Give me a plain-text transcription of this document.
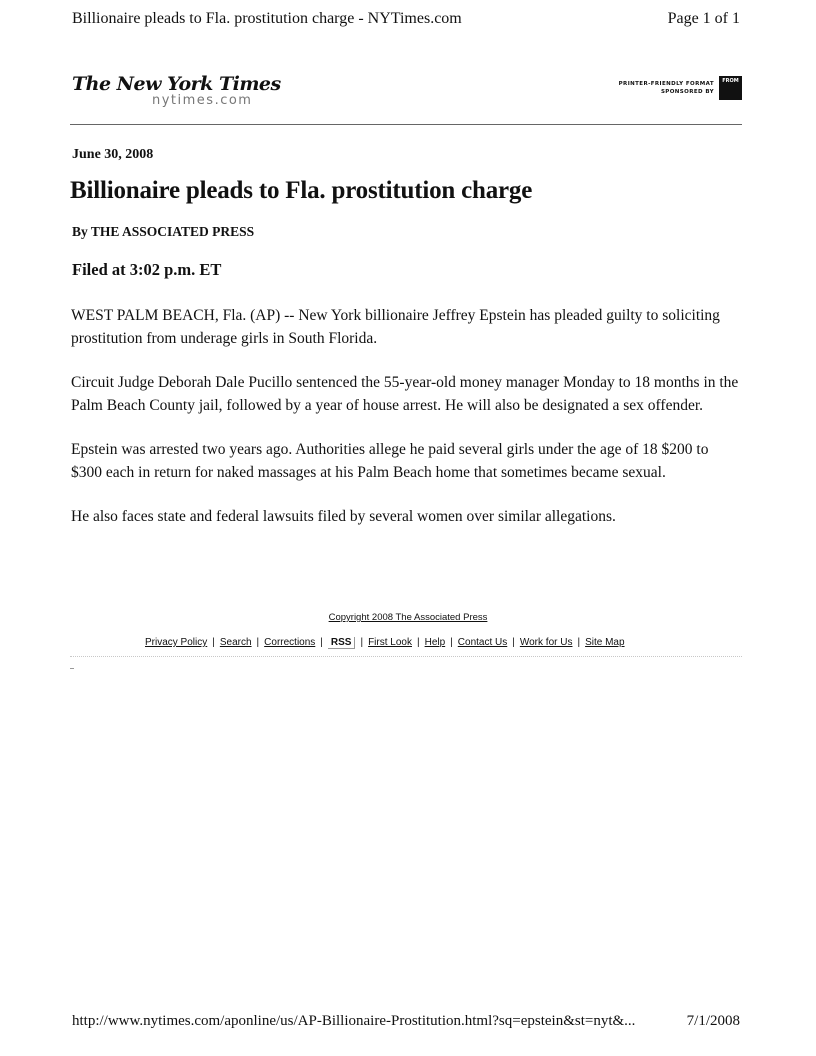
Billionaire pleads to Fla. prostitution charge - NYTimes.com	Page 1 of 1
The New York Times
nytimes.com
PRINTER-FRIENDLY FORMAT
SPONSORED BY
FROM
June 30, 2008
Billionaire pleads to Fla. prostitution charge
By THE ASSOCIATED PRESS
Filed at 3:02 p.m. ET

WEST PALM BEACH, Fla. (AP) -- New York billionaire Jeffrey Epstein has pleaded guilty to soliciting prostitution from underage girls in South Florida.

Circuit Judge Deborah Dale Pucillo sentenced the 55-year-old money manager Monday to 18 months in the Palm Beach County jail, followed by a year of house arrest. He will also be designated a sex offender.

Epstein was arrested two years ago. Authorities allege he paid several girls under the age of 18 $200 to $300 each in return for naked massages at his Palm Beach home that sometimes became sexual.

He also faces state and federal lawsuits filed by several women over similar allegations.

Copyright 2008 The Associated Press
Privacy Policy | Search | Corrections | RSS | First Look | Help | Contact Us | Work for Us | Site Map
http://www.nytimes.com/aponline/us/AP-Billionaire-Prostitution.html?sq=epstein&st=nyt&...	7/1/2008
